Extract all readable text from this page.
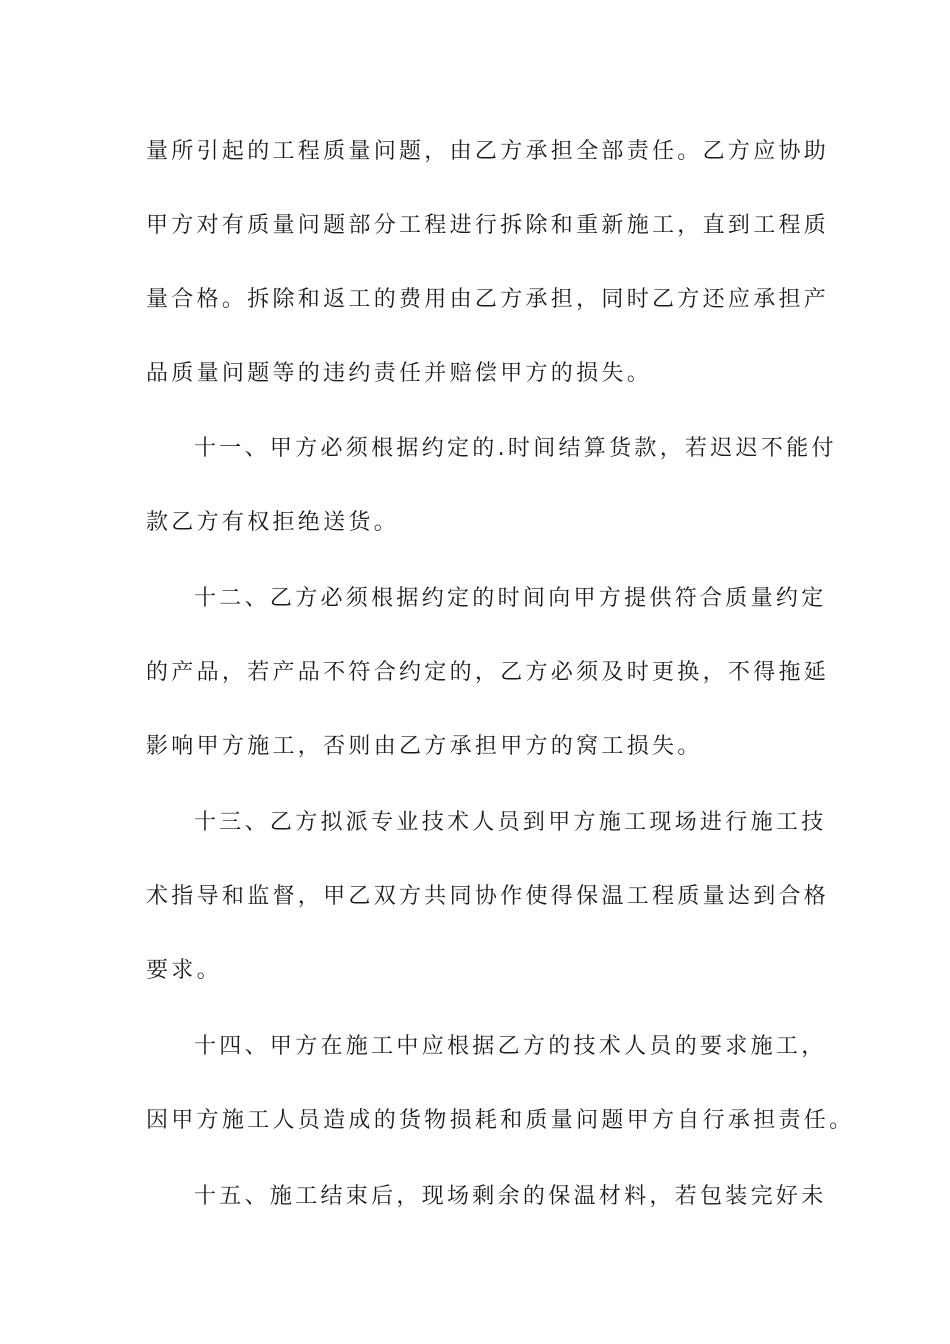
量所引起的工程质量问题，由乙方承担全部责任。乙方应协助
甲方对有质量问题部分工程进行拆除和重新施工，直到工程质
量合格。拆除和返工的费用由乙方承担，同时乙方还应承担产
品质量问题等的违约责任并赔偿甲方的损失。
十一、甲方必须根据约定的.时间结算货款，若迟迟不能付
款乙方有权拒绝送货。
十二、乙方必须根据约定的时间向甲方提供符合质量约定
的产品，若产品不符合约定的，乙方必须及时更换，不得拖延
影响甲方施工，否则由乙方承担甲方的窝工损失。
十三、乙方拟派专业技术人员到甲方施工现场进行施工技
术指导和监督，甲乙双方共同协作使得保温工程质量达到合格
要求。
十四、甲方在施工中应根据乙方的技术人员的要求施工，
因甲方施工人员造成的货物损耗和质量问题甲方自行承担责任。
十五、施工结束后，现场剩余的保温材料，若包装完好未
